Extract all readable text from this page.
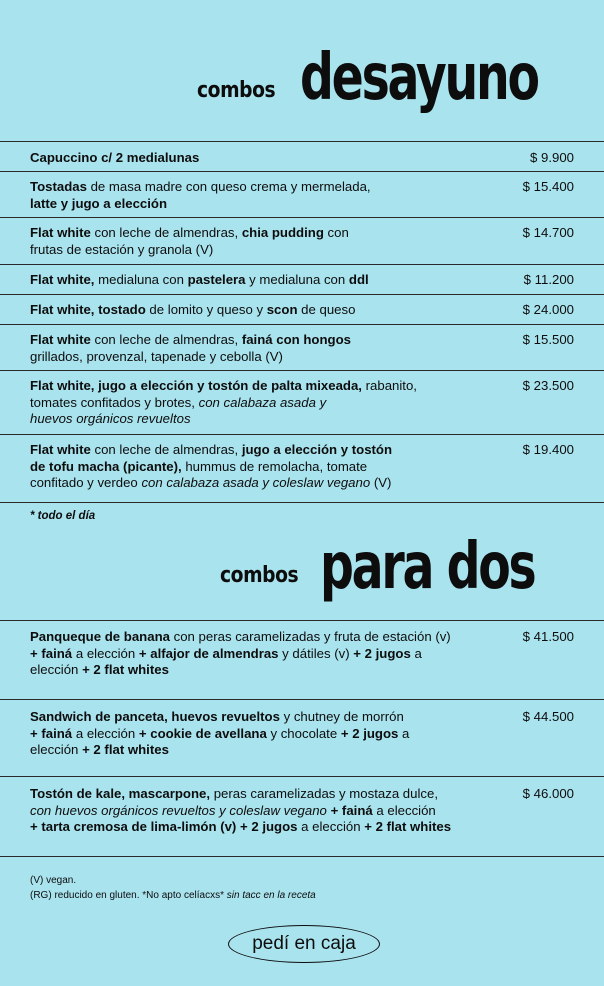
combos desayuno
Capuccino c/ 2 medialunas	$ 9.900
Tostadas de masa madre con queso crema y mermelada,
latte y jugo a elección
$ 15.400
Flat white con leche de almendras, chia pudding con
frutas de estación y granola (V)
$ 14.700
Flat white, medialuna con pastelera y medialuna con ddl	$ 11.200
Flat white, tostado de lomito y queso y scon de queso	$ 24.000
Flat white con leche de almendras, fainá con hongos
grillados, provenzal, tapenade y cebolla (V)
$ 15.500
Flat white, jugo a elección y tostón de palta mixeada, rabanito,
tomates confitados y brotes, con calabaza asada y
huevos orgánicos revueltos
$ 23.500
Flat white con leche de almendras, jugo a elección y tostón
de tofu macha (picante), hummus de remolacha, tomate
confitado y verdeo con calabaza asada y coleslaw vegano (V)
$ 19.400
* todo el día
combos para dos
Panqueque de banana con peras caramelizadas y fruta de estación (v)
+ fainá a elección + alfajor de almendras y dátiles (v) + 2 jugos a
elección + 2 flat whites
$ 41.500
Sandwich de panceta, huevos revueltos y chutney de morrón
+ fainá a elección + cookie de avellana y chocolate + 2 jugos a
elección + 2 flat whites
$ 44.500
Tostón de kale, mascarpone, peras caramelizadas y mostaza dulce,
con huevos orgánicos revueltos y coleslaw vegano + fainá a elección
+ tarta cremosa de lima-limón (v) + 2 jugos a elección + 2 flat whites
$ 46.000
(V) vegan.
(RG) reducido en gluten. *No apto celíacxs* sin tacc en la receta
pedí en caja
